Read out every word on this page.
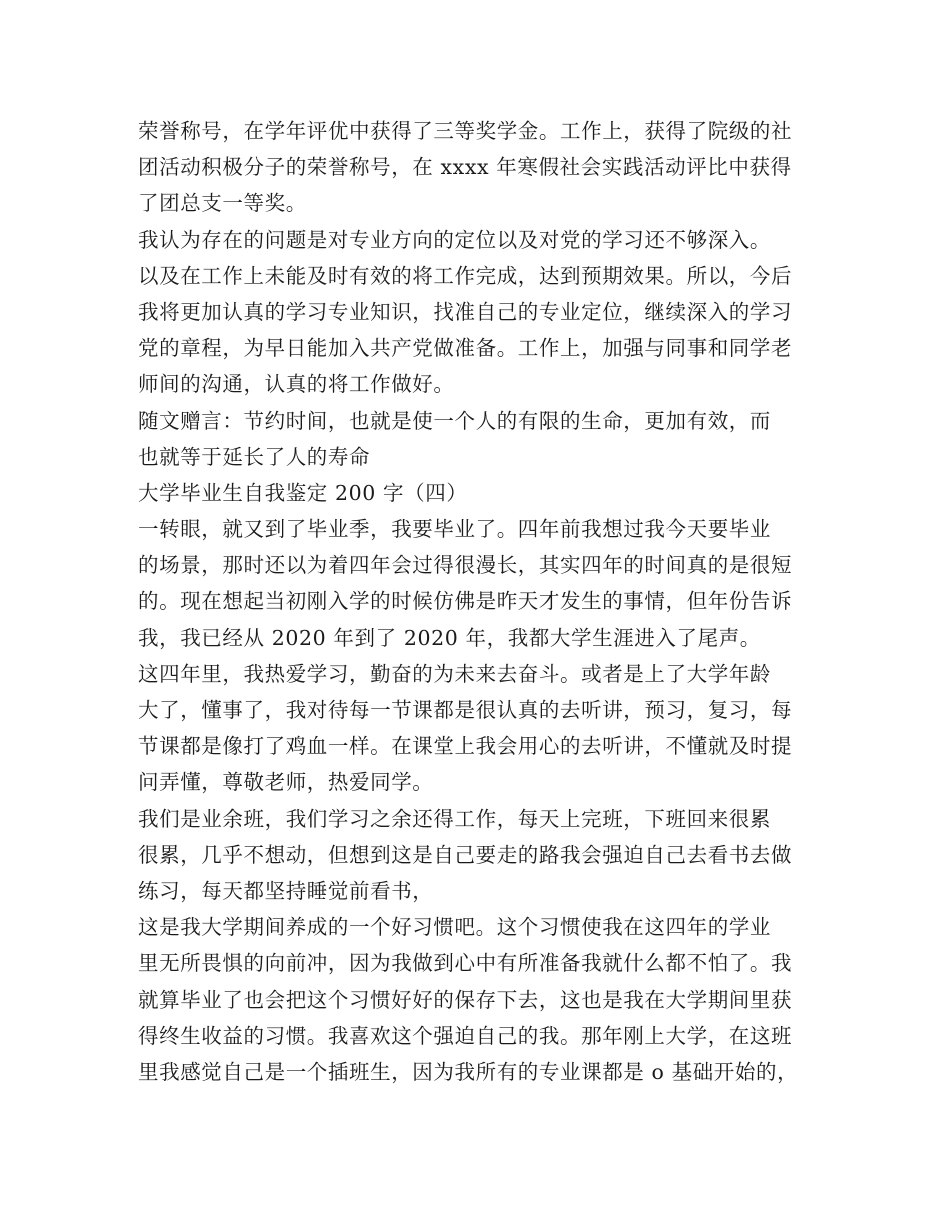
荣誉称号，在学年评优中获得了三等奖学金。工作上，获得了院级的社
团活动积极分子的荣誉称号，在 xxxx 年寒假社会实践活动评比中获得
了团总支一等奖。
我认为存在的问题是对专业方向的定位以及对党的学习还不够深入。
以及在工作上未能及时有效的将工作完成，达到预期效果。所以，今后
我将更加认真的学习专业知识，找准自己的专业定位，继续深入的学习
党的章程，为早日能加入共产党做准备。工作上，加强与同事和同学老
师间的沟通，认真的将工作做好。
随文赠言：节约时间，也就是使一个人的有限的生命，更加有效，而
也就等于延长了人的寿命
大学毕业生自我鉴定 200 字（四）
一转眼，就又到了毕业季，我要毕业了。四年前我想过我今天要毕业
的场景，那时还以为着四年会过得很漫长，其实四年的时间真的是很短
的。现在想起当初刚入学的时候仿佛是昨天才发生的事情，但年份告诉
我，我已经从 2020 年到了 2020 年，我都大学生涯进入了尾声。
这四年里，我热爱学习，勤奋的为未来去奋斗。或者是上了大学年龄
大了，懂事了，我对待每一节课都是很认真的去听讲，预习，复习，每
节课都是像打了鸡血一样。在课堂上我会用心的去听讲，不懂就及时提
问弄懂，尊敬老师，热爱同学。
我们是业余班，我们学习之余还得工作，每天上完班，下班回来很累
很累，几乎不想动，但想到这是自己要走的路我会强迫自己去看书去做
练习，每天都坚持睡觉前看书，
这是我大学期间养成的一个好习惯吧。这个习惯使我在这四年的学业
里无所畏惧的向前冲，因为我做到心中有所准备我就什么都不怕了。我
就算毕业了也会把这个习惯好好的保存下去，这也是我在大学期间里获
得终生收益的习惯。我喜欢这个强迫自己的我。那年刚上大学，在这班
里我感觉自己是一个插班生，因为我所有的专业课都是 o 基础开始的，
